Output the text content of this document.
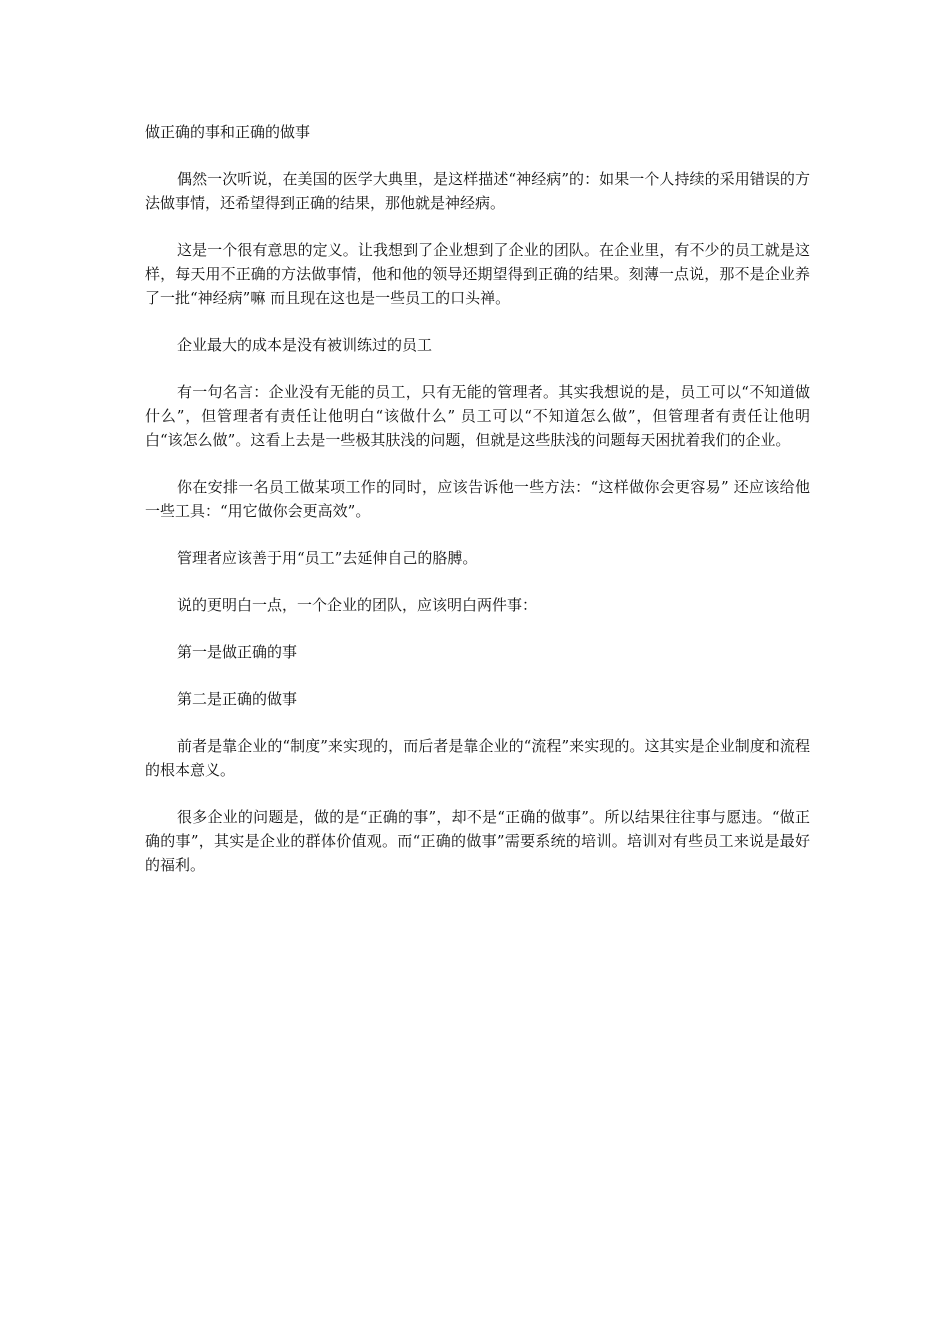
做正确的事和正确的做事

偶然一次听说，在美国的医学大典里，是这样描述“神经病”的：如果一个人持续的采用错误的方法做事情，还希望得到正确的结果，那他就是神经病。

这是一个很有意思的定义。让我想到了企业想到了企业的团队。在企业里，有不少的员工就是这样，每天用不正确的方法做事情，他和他的领导还期望得到正确的结果。刻薄一点说，那不是企业养了一批“神经病”嘛 而且现在这也是一些员工的口头禅。

企业最大的成本是没有被训练过的员工

有一句名言：企业没有无能的员工，只有无能的管理者。其实我想说的是，员工可以“不知道做什么”，但管理者有责任让他明白“该做什么” 员工可以“不知道怎么做”，但管理者有责任让他明白“该怎么做”。这看上去是一些极其肤浅的问题，但就是这些肤浅的问题每天困扰着我们的企业。

你在安排一名员工做某项工作的同时，应该告诉他一些方法：“这样做你会更容易” 还应该给他一些工具：“用它做你会更高效”。

管理者应该善于用“员工”去延伸自己的胳膊。

说的更明白一点，一个企业的团队，应该明白两件事：

第一是做正确的事

第二是正确的做事

前者是靠企业的“制度”来实现的，而后者是靠企业的“流程”来实现的。这其实是企业制度和流程的根本意义。

很多企业的问题是，做的是“正确的事”，却不是“正确的做事”。所以结果往往事与愿违。“做正确的事”，其实是企业的群体价值观。而“正确的做事”需要系统的培训。培训对有些员工来说是最好的福利。
